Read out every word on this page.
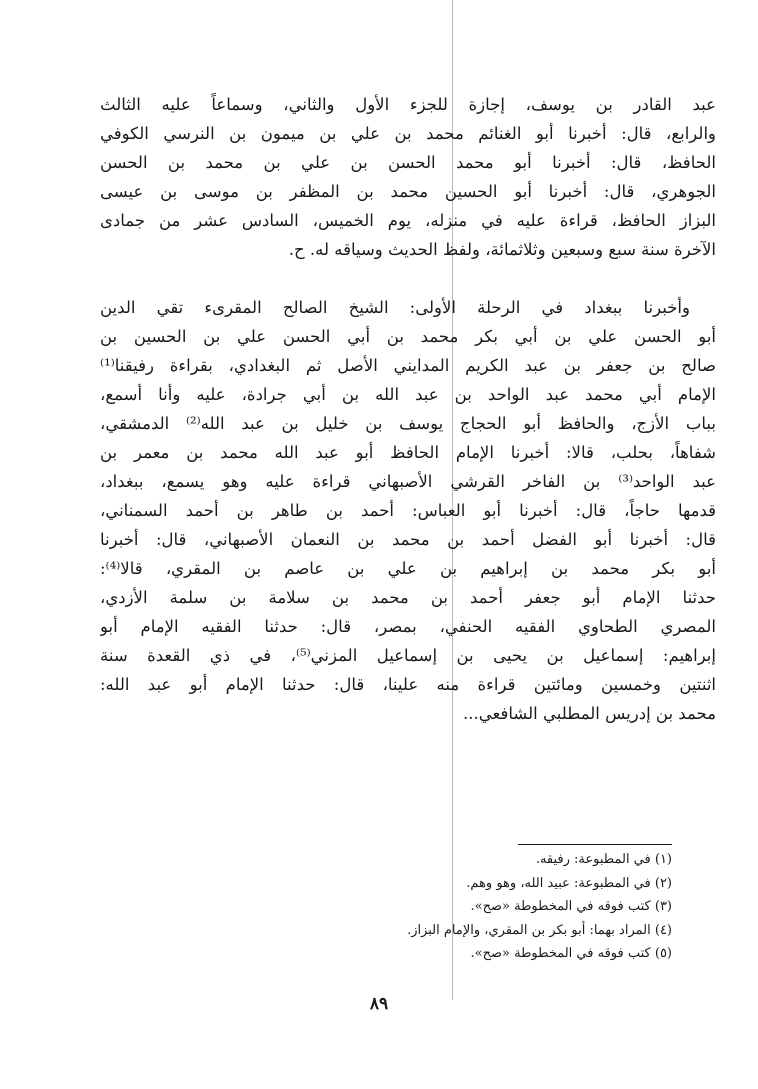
عبد القادر بن يوسف، إجازة للجزء الأول والثاني، وسماعاً عليه الثالث
والرابع، قال: أخبرنا أبو الغنائم محمد بن علي بن ميمون بن النرسي الكوفي
الحافظ، قال: أخبرنا أبو محمد الحسن بن علي بن محمد بن الحسن
الجوهري، قال: أخبرنا أبو الحسين محمد بن المظفر بن موسى بن عيسى
البزاز الحافظ، قراءة عليه في منزله، يوم الخميس، السادس عشر من جمادى
الآخرة سنة سبع وسبعين وثلاثمائة، ولفظ الحديث وسياقه له. ح.
وأخبرنا ببغداد في الرحلة الأولى: الشيخ الصالح المقرىء تقي الدين
أبو الحسن علي بن أبي بكر محمد بن أبي الحسن علي بن الحسين بن
صالح بن جعفر بن عبد الكريم المدايني الأصل ثم البغدادي، بقراءة رفيقنا⁽¹⁾
الإمام أبي محمد عبد الواحد بن عبد الله بن أبي جرادة، عليه وأنا أسمع،
بباب الأزج، والحافظ أبو الحجاج يوسف بن خليل بن عبد الله⁽²⁾ الدمشقي،
شفاهاً، بحلب، قالا: أخبرنا الإمام الحافظ أبو عبد الله محمد بن معمر بن
عبد الواحد⁽³⁾ بن الفاخر القرشي الأصبهاني قراءة عليه وهو يسمع، ببغداد،
قدمها حاجاً، قال: أخبرنا أبو العباس: أحمد بن طاهر بن أحمد السمناني،
قال: أخبرنا أبو الفضل أحمد بن محمد بن النعمان الأصبهاني، قال: أخبرنا
أبو بكر محمد بن إبراهيم بن علي بن عاصم بن المقري، قالا⁽⁴⁾:
حدثنا الإمام أبو جعفر أحمد بن محمد بن سلامة بن سلمة الأزدي،
المصري الطحاوي الفقيه الحنفي، بمصر، قال: حدثنا الفقيه الإمام أبو
إبراهيم: إسماعيل بن يحيى بن إسماعيل المزني⁽⁵⁾، في ذي القعدة سنة
اثنتين وخمسين ومائتين قراءة منه علينا، قال: حدثنا الإمام أبو عبد الله:
محمد بن إدريس المطلبي الشافعي...
(١) في المطبوعة: رفيقه.
(٢) في المطبوعة: عبيد الله، وهو وهم.
(٣) كتب فوقه في المخطوطة «صح».
(٤) المراد بهما: أبو بكر بن المقري، والإمام البزاز.
(٥) كتب فوقه في المخطوطة «صح».
٨٩
